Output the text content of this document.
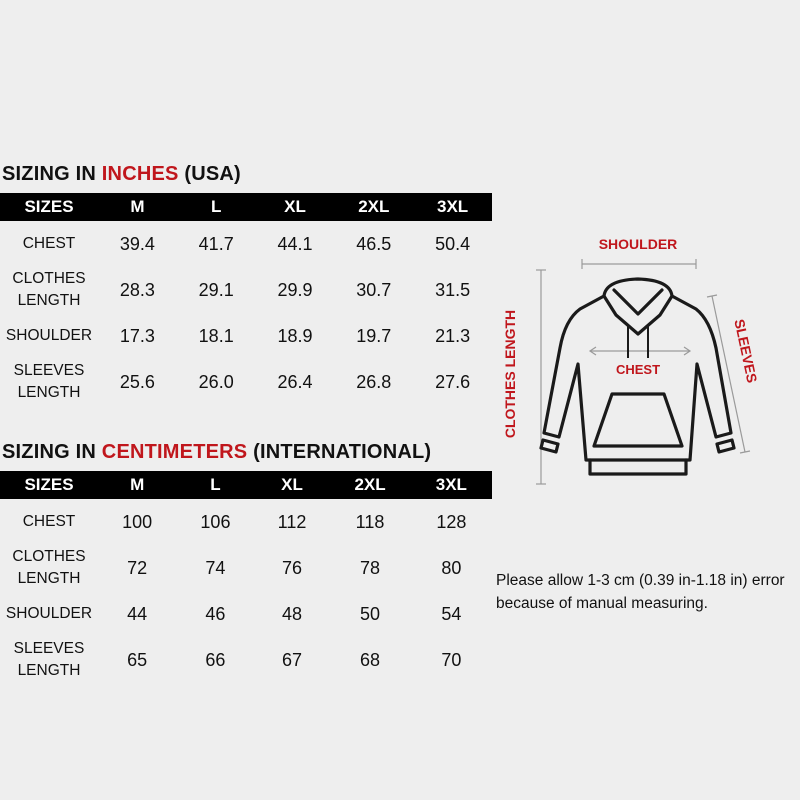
SIZING IN INCHES (USA)
SIZES	M	L	XL	2XL	3XL
CHEST	39.4	41.7	44.1	46.5	50.4
CLOTHES LENGTH	28.3	29.1	29.9	30.7	31.5
SHOULDER	17.3	18.1	18.9	19.7	21.3
SLEEVES LENGTH	25.6	26.0	26.4	26.8	27.6
SIZING IN CENTIMETERS (INTERNATIONAL)
SIZES	M	L	XL	2XL	3XL
CHEST	100	106	112	118	128
CLOTHES LENGTH	72	74	76	78	80
SHOULDER	44	46	48	50	54
SLEEVES LENGTH	65	66	67	68	70
SHOULDER
CHEST
CLOTHES LENGTH	SLEEVES
Please allow 1-3 cm (0.39 in-1.18 in) error because of manual measuring.
